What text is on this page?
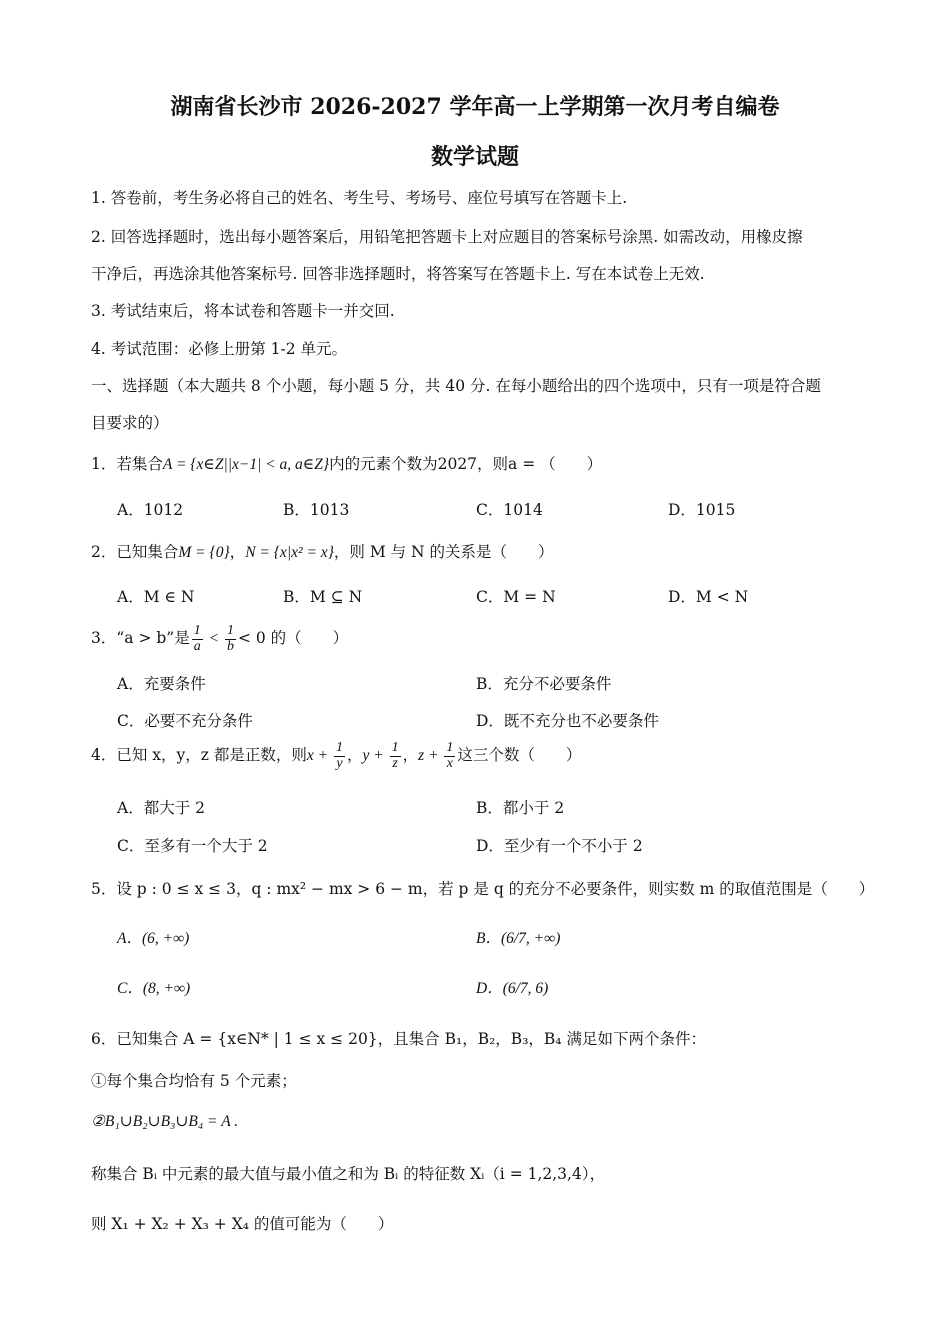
湖南省长沙市 2026-2027 学年高一上学期第一次月考自编卷
数学试题
1. 答卷前，考生务必将自己的姓名、考生号、考场号、座位号填写在答题卡上.
2. 回答选择题时，选出每小题答案后，用铅笔把答题卡上对应题目的答案标号涂黑. 如需改动，用橡皮擦
干净后，再选涂其他答案标号. 回答非选择题时，将答案写在答题卡上. 写在本试卷上无效.
3. 考试结束后，将本试卷和答题卡一并交回.
4. 考试范围：必修上册第 1-2 单元。
一、选择题（本大题共 8 个小题，每小题 5 分，共 40 分. 在每小题给出的四个选项中，只有一项是符合题
目要求的）
1．若集合A = {x∈Z||x−1| < a, a∈Z}内的元素个数为2027，则a = （　　）
A．1012	B．1013	C．1014	D．1015
2．已知集合M = {0}，N = {x|x² = x}，则 M 与 N 的关系是（　　）
A．M ∈ N	B．M ⊆ N	C．M = N	D．M < N
3．“a > b”是 $\frac{1}{a} < \frac{1}{b} < 0$ 的（　　）
A．充要条件	B．充分不必要条件
C．必要不充分条件	D．既不充分也不必要条件
4．已知 x，y，z 都是正数，则$x + \frac{1}{y}$ ，$y + \frac{1}{z}$ ，$z + \frac{1}{x}$ 这三个数（　　）
A．都大于 2	B．都小于 2
C．至多有一个大于 2	D．至少有一个不小于 2
5．设 p : 0 ≤ x ≤ 3，q : mx² − mx > 6 − m，若 p 是 q 的充分不必要条件，则实数 m 的取值范围是（　　）
A．(6, +∞)	B．(6/7, +∞)
C．(8, +∞)	D．(6/7, 6)
6．已知集合 A = {x∈N* | 1 ≤ x ≤ 20}，且集合 B₁，B₂，B₃，B₄ 满足如下两个条件：
①每个集合均恰有 5 个元素；
②B₁∪B₂∪B₃∪B₄ = A .
称集合 Bᵢ 中元素的最大值与最小值之和为 Bᵢ 的特征数 Xᵢ（i = 1,2,3,4），
则 X₁ + X₂ + X₃ + X₄ 的值可能为（　　）
